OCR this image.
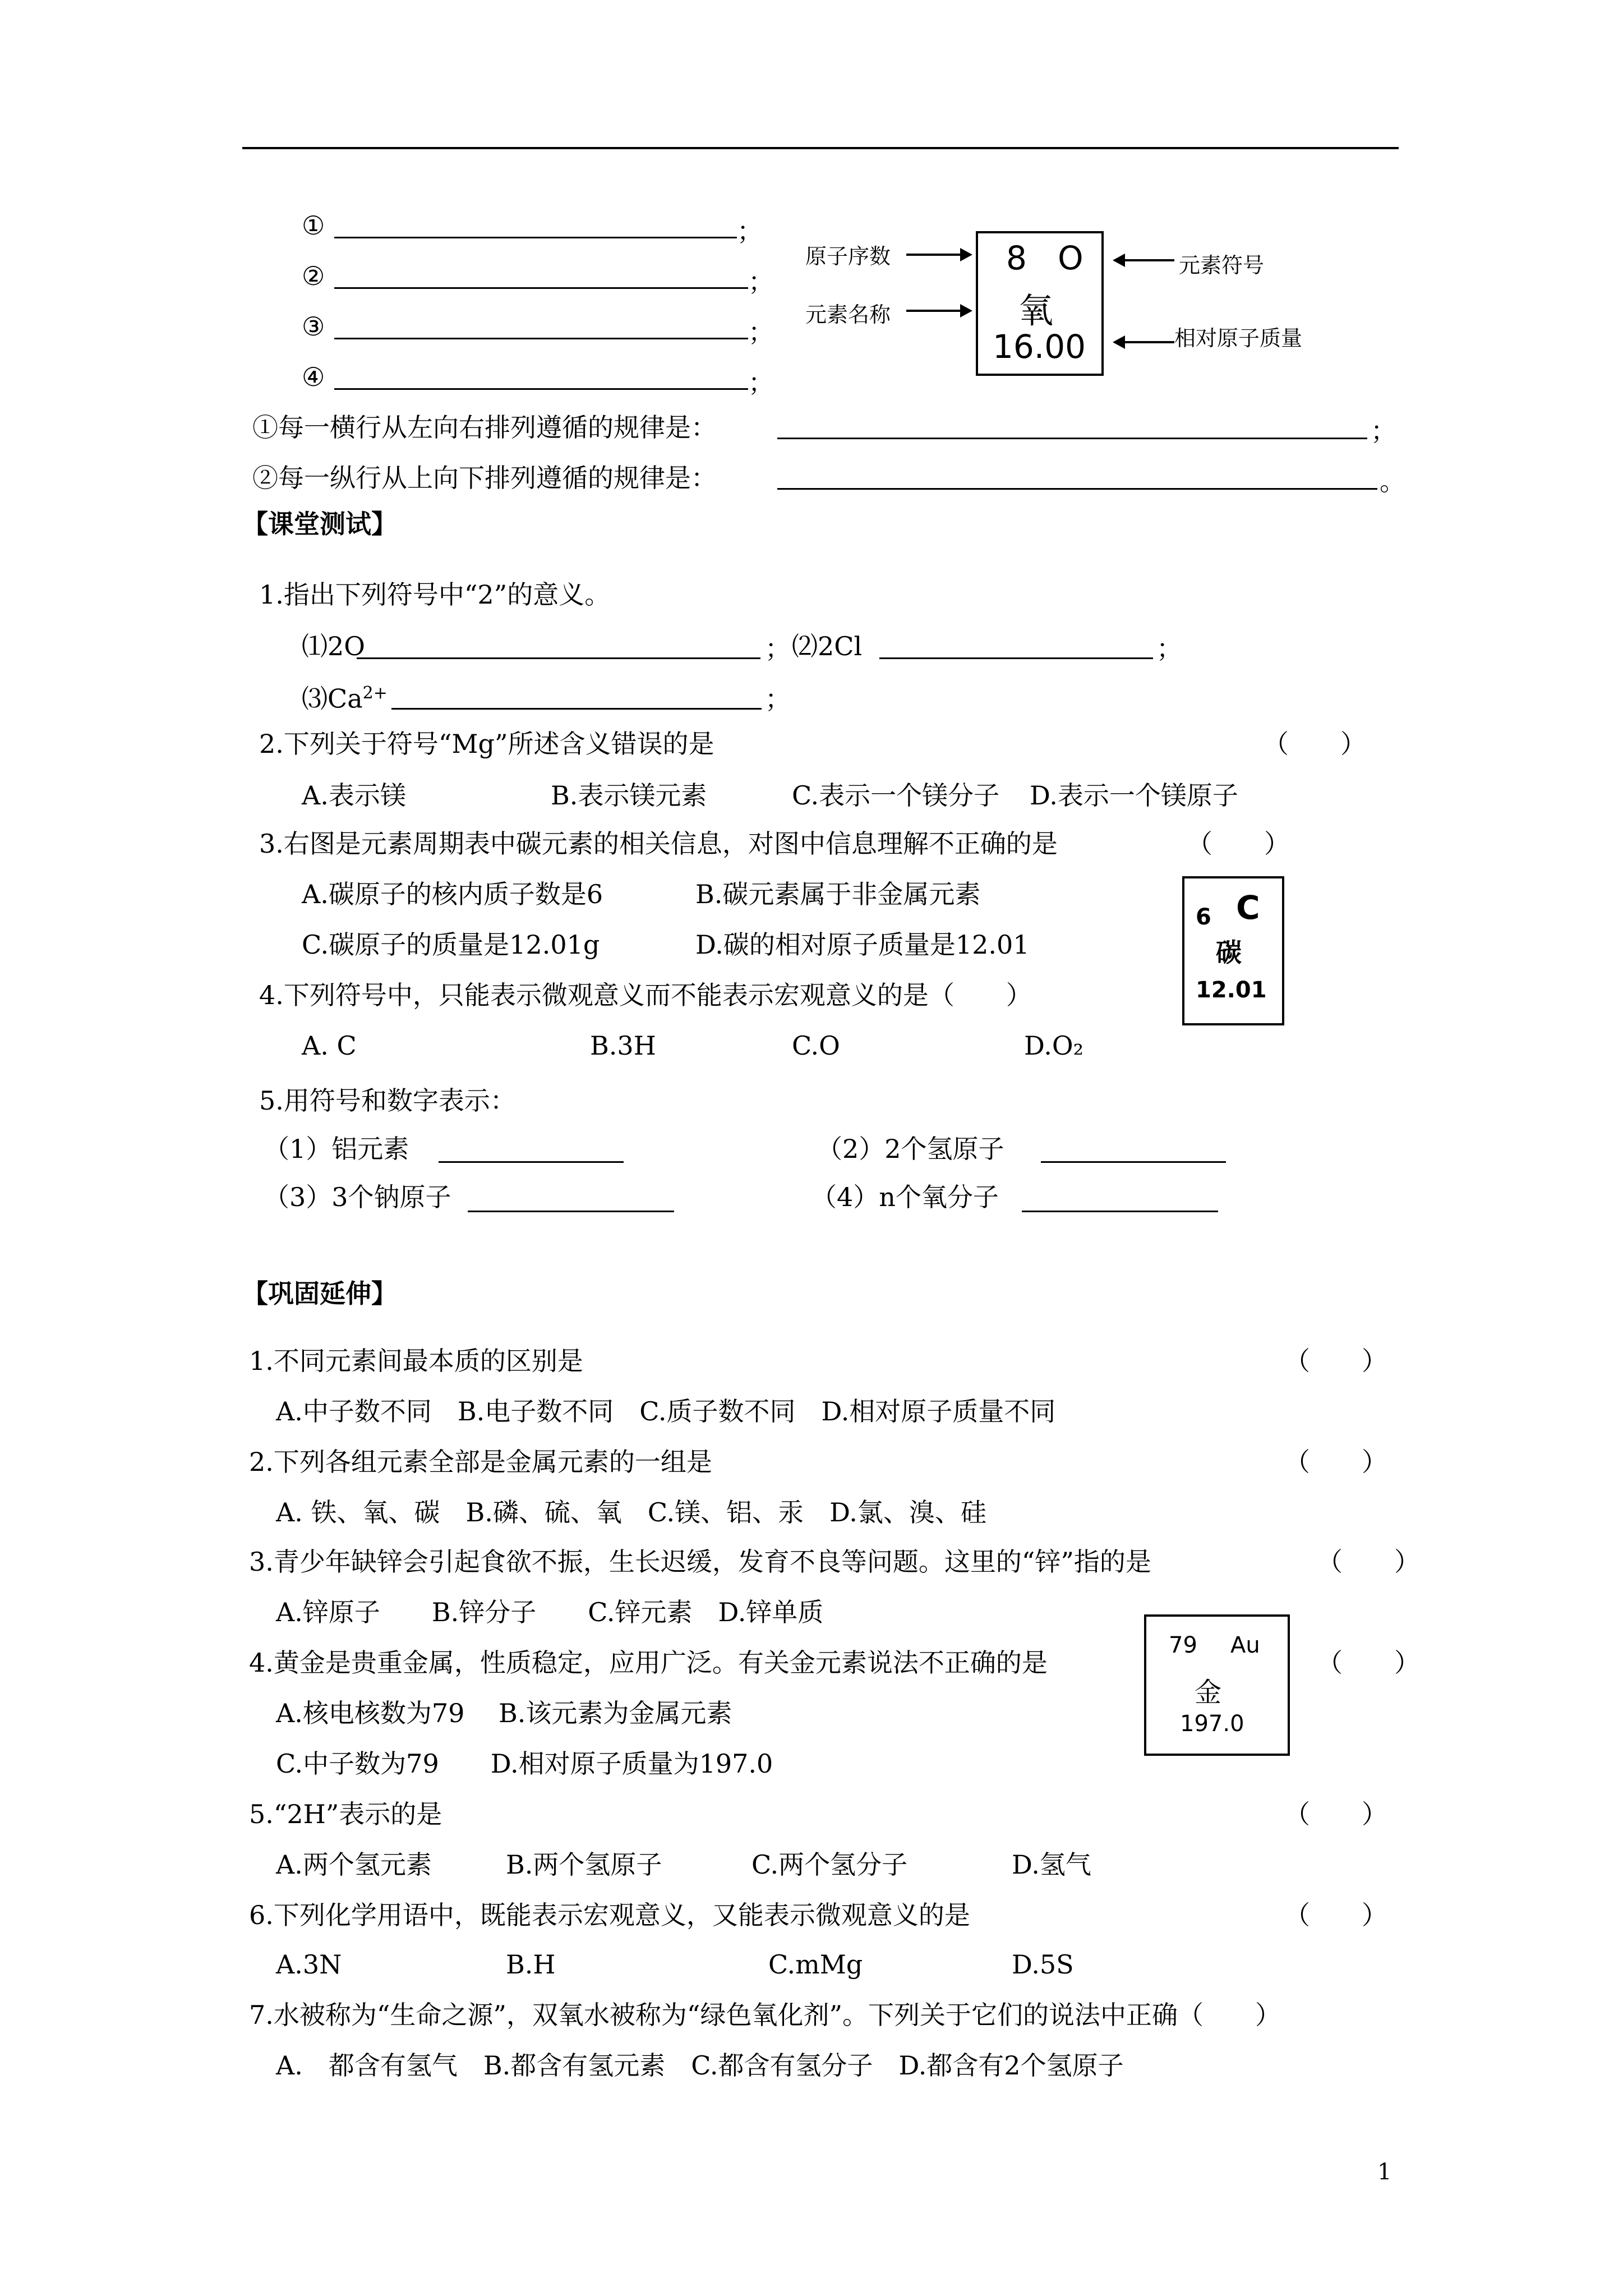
①	；
②	；
③	；
④	；
原子序数
元素名称
8 O
氧
16.00
元素符号
相对原子质量
①每一横行从左向右排列遵循的规律是：	；
②每一纵行从上向下排列遵循的规律是：	。
【课堂测试】
1.指出下列符号中“2”的意义。
⑴2O	； ⑵2Cl	；
$⑶Ca^{2+}$	；
2.下列关于符号“Mg”所述含义错误的是	（　　）
A.表示镁	B.表示镁元素	C.表示一个镁分子 D.表示一个镁原子
3.右图是元素周期表中碳元素的相关信息，对图中信息理解不正确的是	（　　）
A.碳原子的核内质子数是6	B.碳元素属于非金属元素
C.碳原子的质量是12.01g	D.碳的相对原子质量是12.01
6 C
碳
12.01
4.下列符号中，只能表示微观意义而不能表示宏观意义的是（　　）
A. C	B.3H	C.O	D.O₂
5.用符号和数字表示：
（1）铝元素	（2）2个氢原子
（3）3个钠原子	（4）n个氧分子
【巩固延伸】
1.不同元素间最本质的区别是	（　　）
A.中子数不同　B.电子数不同　C.质子数不同　D.相对原子质量不同
2.下列各组元素全部是金属元素的一组是	（　　）
A. 铁、氧、碳　B.磷、硫、氧　C.镁、铝、汞　D.氯、溴、硅
3.青少年缺锌会引起食欲不振，生长迟缓，发育不良等问题。这里的“锌”指的是	（　　）
A.锌原子　　B.锌分子　　C.锌元素　D.锌单质
4.黄金是贵重金属，性质稳定，应用广泛。有关金元素说法不正确的是	（　　）
A.核电核数为79　 B.该元素为金属元素
C.中子数为79　　D.相对原子质量为197.0
79 Au
金
197.0
5.“2H”表示的是	（　　）
A.两个氢元素	B.两个氢原子	C.两个氢分子	D.氢气
6.下列化学用语中，既能表示宏观意义，又能表示微观意义的是	（　　）
A.3N	B.H	C.mMg	D.5S
7.水被称为“生命之源”，双氧水被称为“绿色氧化剂”。下列关于它们的说法中正确（　　）
A.　都含有氢气　B.都含有氢元素　C.都含有氢分子　D.都含有2个氢原子
1
